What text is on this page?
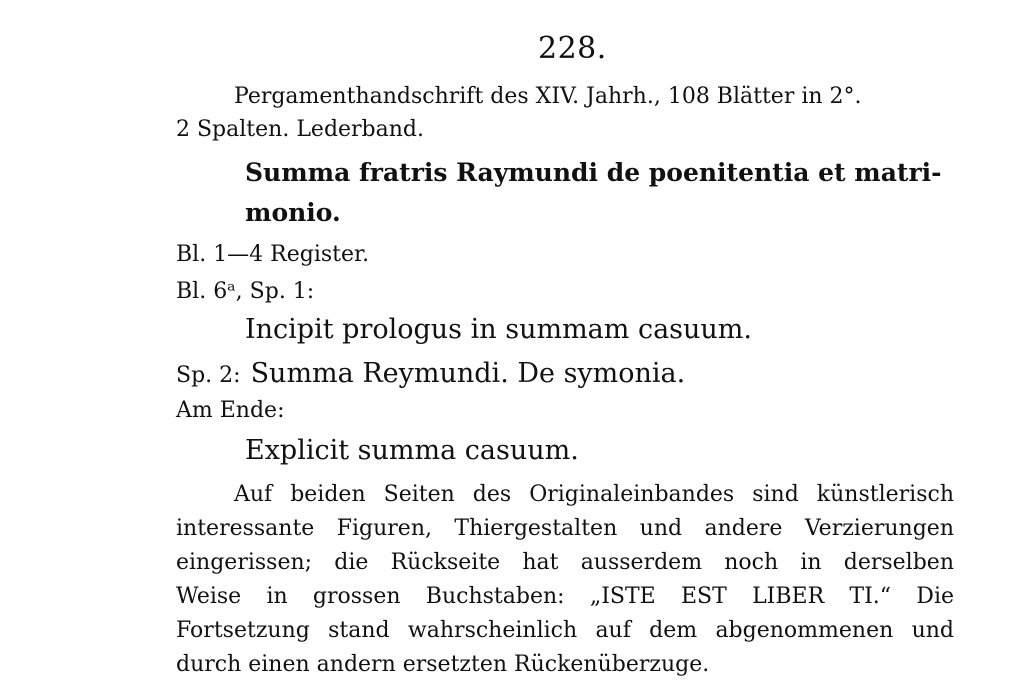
228.
Pergamenthandschrift des XIV. Jahrh., 108 Blätter in 2°.
2 Spalten. Lederband.
Summa fratris Raymundi de poenitentia et matri-
monio.
Bl. 1—4 Register.
Bl. 6ᵃ, Sp. 1:
Incipit prologus in summam casuum.
Sp. 2: Summa Reymundi. De symonia.
Am Ende:
Explicit summa casuum.
Auf beiden Seiten des Originaleinbandes sind künstlerisch
interessante Figuren, Thiergestalten und andere Verzierungen
eingerissen; die Rückseite hat ausserdem noch in derselben
Weise in grossen Buchstaben: „ISTE EST LIBER TI.“ Die
Fortsetzung stand wahrscheinlich auf dem abgenommenen und
durch einen andern ersetzten Rückenüberzuge.
